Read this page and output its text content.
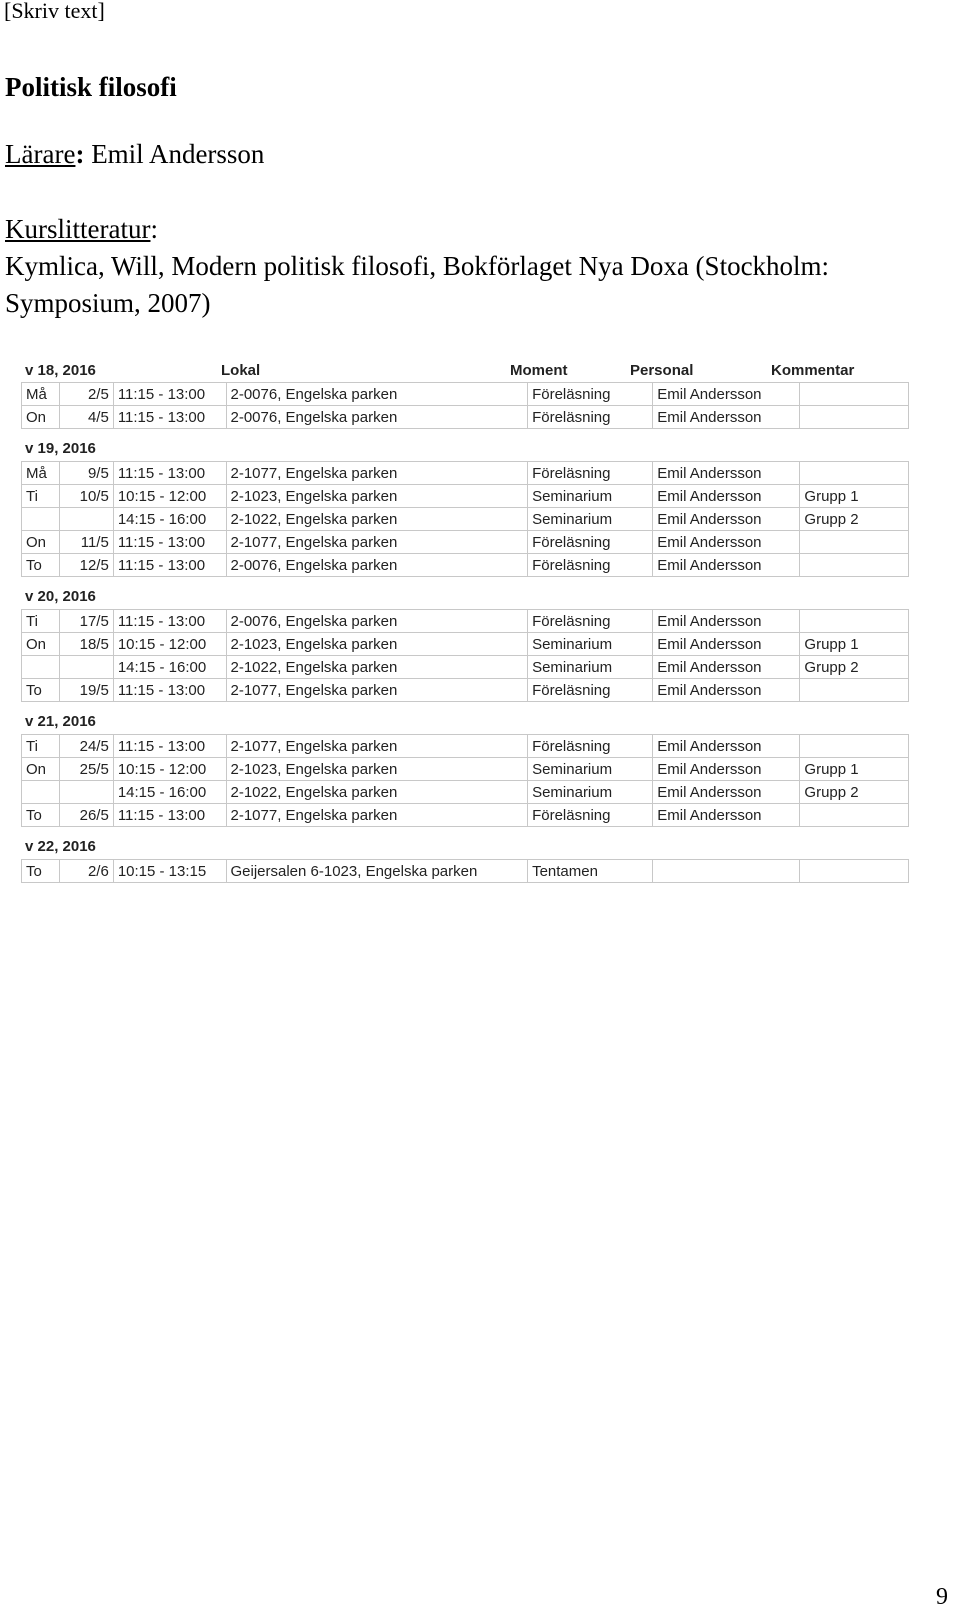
[Skriv text]
Politisk filosofi
Lärare: Emil Andersson
Kurslitteratur:
Kymlica, Will, Modern politisk filosofi, Bokförlaget Nya Doxa (Stockholm: Symposium, 2007)
v 18, 2016	Lokal	Moment	Personal	Kommentar
Må	2/5	11:15 - 13:00	2-0076, Engelska parken	Föreläsning	Emil Andersson	
On	4/5	11:15 - 13:00	2-0076, Engelska parken	Föreläsning	Emil Andersson	
v 19, 2016
Må	9/5	11:15 - 13:00	2-1077, Engelska parken	Föreläsning	Emil Andersson	
Ti	10/5	10:15 - 12:00	2-1023, Engelska parken	Seminarium	Emil Andersson	Grupp 1
		14:15 - 16:00	2-1022, Engelska parken	Seminarium	Emil Andersson	Grupp 2
On	11/5	11:15 - 13:00	2-1077, Engelska parken	Föreläsning	Emil Andersson	
To	12/5	11:15 - 13:00	2-0076, Engelska parken	Föreläsning	Emil Andersson	
v 20, 2016
Ti	17/5	11:15 - 13:00	2-0076, Engelska parken	Föreläsning	Emil Andersson	
On	18/5	10:15 - 12:00	2-1023, Engelska parken	Seminarium	Emil Andersson	Grupp 1
		14:15 - 16:00	2-1022, Engelska parken	Seminarium	Emil Andersson	Grupp 2
To	19/5	11:15 - 13:00	2-1077, Engelska parken	Föreläsning	Emil Andersson	
v 21, 2016
Ti	24/5	11:15 - 13:00	2-1077, Engelska parken	Föreläsning	Emil Andersson	
On	25/5	10:15 - 12:00	2-1023, Engelska parken	Seminarium	Emil Andersson	Grupp 1
		14:15 - 16:00	2-1022, Engelska parken	Seminarium	Emil Andersson	Grupp 2
To	26/5	11:15 - 13:00	2-1077, Engelska parken	Föreläsning	Emil Andersson	
v 22, 2016
To	2/6	10:15 - 13:15	Geijersalen 6-1023, Engelska parken	Tentamen		
9
